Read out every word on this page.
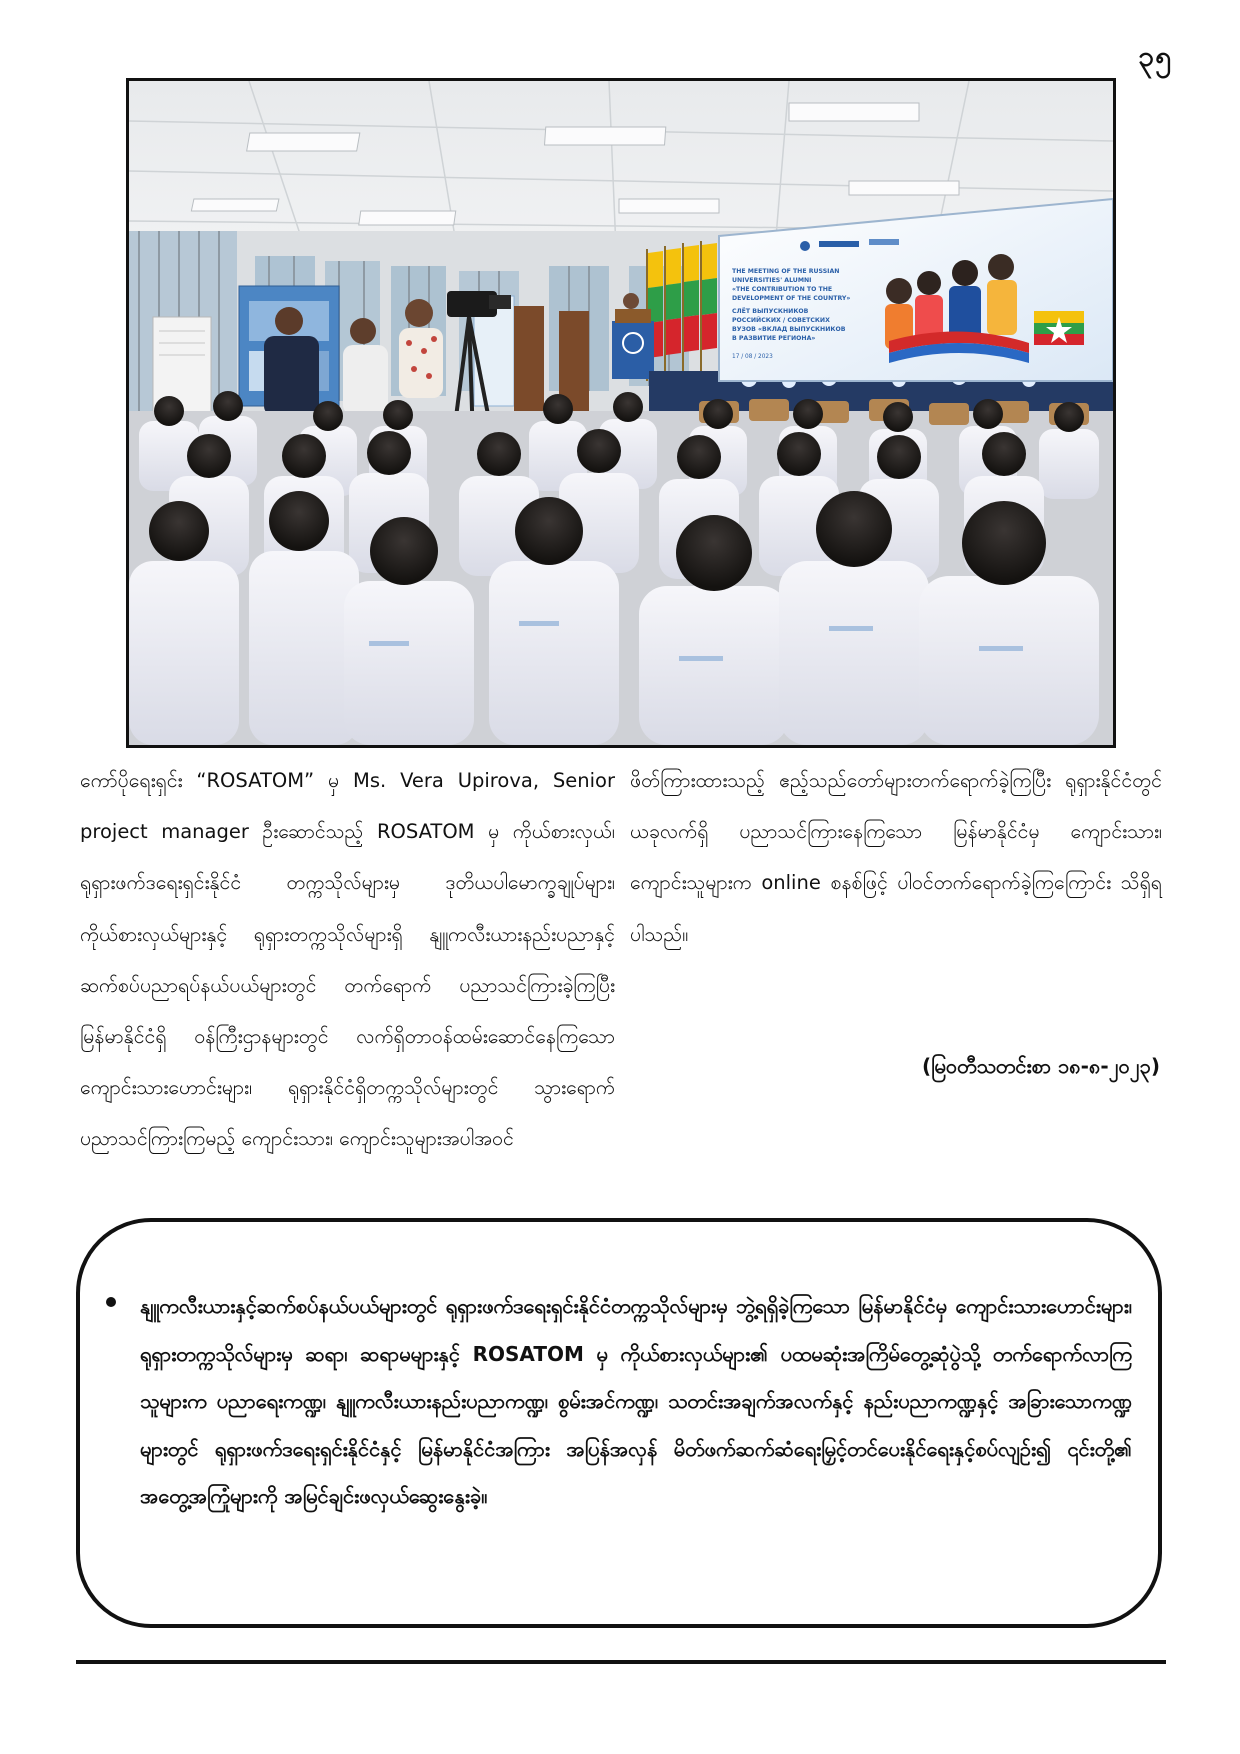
၃၅
THE MEETING OF THE RUSSIAN
UNIVERSITIES' ALUMNI
«THE CONTRIBUTION TO THE
DEVELOPMENT OF THE COUNTRY»
СЛЁТ ВЫПУСКНИКОВ
РОССИЙСКИХ / СОВЕТСКИХ
ВУЗОВ «ВКЛАД ВЫПУСКНИКОВ
В РАЗВИТИЕ РЕГИОНА»
17 / 08 / 2023
ကော်ပိုရေးရှင်း “ROSATOM” မှ Ms. Vera Upirova, Senior project manager ဦးဆောင်သည့် ROSATOM မှ ကိုယ်စားလှယ်၊ ရုရှားဖက်ဒရေးရှင်းနိုင်ငံ တက္ကသိုလ်များမှ ဒုတိယပါမောက္ခချုပ်များ၊ ကိုယ်စားလှယ်များနှင့် ရုရှားတက္ကသိုလ်များရှိ နျူကလီးယားနည်းပညာနှင့် ဆက်စပ်ပညာရပ်နယ်ပယ်များတွင် တက်ရောက် ပညာသင်ကြားခဲ့ကြပြီး မြန်မာနိုင်ငံရှိ ဝန်ကြီးဌာနများတွင် လက်ရှိတာဝန်ထမ်းဆောင်နေကြသော ကျောင်းသားဟောင်းများ၊ ရုရှားနိုင်ငံရှိတက္ကသိုလ်များတွင် သွားရောက် ပညာသင်ကြားကြမည့် ကျောင်းသား၊ ကျောင်းသူများအပါအဝင်
ဖိတ်ကြားထားသည့် ဧည့်သည်တော်များတက်ရောက်ခဲ့ကြပြီး ရုရှားနိုင်ငံတွင် ယခုလက်ရှိ ပညာသင်ကြားနေကြသော မြန်မာနိုင်ငံမှ ကျောင်းသား၊ ကျောင်းသူများက online စနစ်ဖြင့် ပါဝင်တက်ရောက်ခဲ့ကြကြောင်း သိရှိရပါသည်။
(မြဝတီသတင်းစာ ၁၈-၈-၂၀၂၃)
နျူကလီးယားနှင့်ဆက်စပ်နယ်ပယ်များတွင် ရုရှားဖက်ဒရေးရှင်းနိုင်ငံတက္ကသိုလ်များမှ ဘွဲ့ရရှိခဲ့ကြသော မြန်မာနိုင်ငံမှ ကျောင်းသားဟောင်းများ၊ ရုရှားတက္ကသိုလ်များမှ ဆရာ၊ ဆရာမများနှင့် ROSATOM မှ ကိုယ်စားလှယ်များ၏ ပထမဆုံးအကြိမ်တွေ့ဆုံပွဲသို့ တက်ရောက်လာကြသူများက ပညာရေးကဏ္ဍ၊ နျူကလီးယားနည်းပညာကဏ္ဍ၊ စွမ်းအင်ကဏ္ဍ၊ သတင်းအချက်အလက်နှင့် နည်းပညာကဏ္ဍနှင့် အခြားသောကဏ္ဍများတွင် ရုရှားဖက်ဒရေးရှင်းနိုင်ငံနှင့် မြန်မာနိုင်ငံအကြား အပြန်အလှန် မိတ်ဖက်ဆက်ဆံရေးမြှင့်တင်ပေးနိုင်ရေးနှင့်စပ်လျဉ်း၍ ၎င်းတို့၏ အတွေ့အကြုံများကို အမြင်ချင်းဖလှယ်ဆွေးနွေးခဲ့။
